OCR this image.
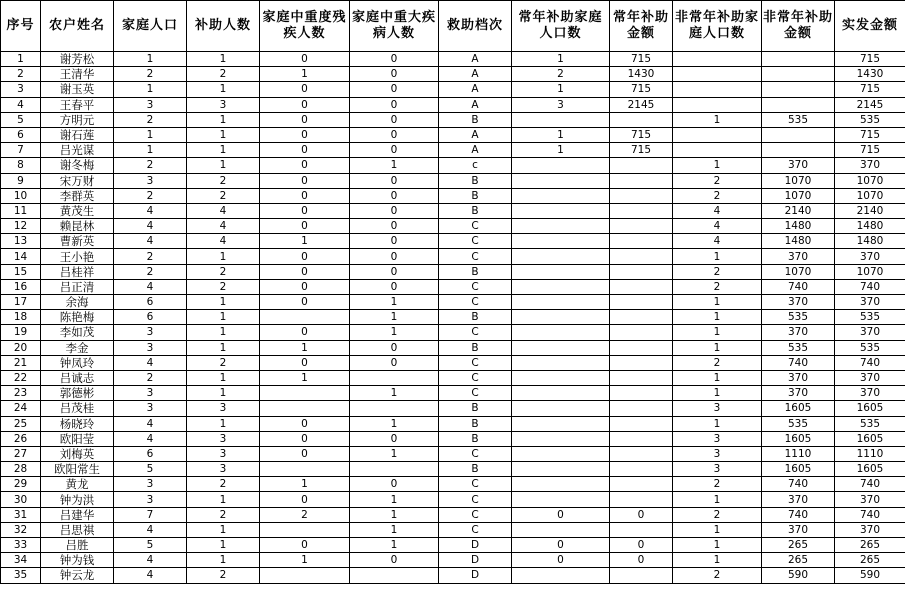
序号	农户姓名	家庭人口	补助人数	家庭中重度残疾人数	家庭中重大疾病人数	救助档次	常年补助家庭人口数	常年补助金额	非常年补助家庭人口数	非常年补助金额	实发金额
1	谢芳松	1	1	0	0	A	1	715			715
2	王清华	2	2	1	0	A	2	1430			1430
3	谢玉英	1	1	0	0	A	1	715			715
4	王春平	3	3	0	0	A	3	2145			2145
5	方明元	2	1	0	0	B			1	535	535
6	谢石莲	1	1	0	0	A	1	715			715
7	吕光谋	1	1	0	0	A	1	715			715
8	谢冬梅	2	1	0	1	c			1	370	370
9	宋万财	3	2	0	0	B			2	1070	1070
10	李群英	2	2	0	0	B			2	1070	1070
11	黄茂生	4	4	0	0	B			4	2140	2140
12	赖昆林	4	4	0	0	C			4	1480	1480
13	曹新英	4	4	1	0	C			4	1480	1480
14	王小艳	2	1	0	0	C			1	370	370
15	吕桂祥	2	2	0	0	B			2	1070	1070
16	吕正清	4	2	0	0	C			2	740	740
17	余海	6	1	0	1	C			1	370	370
18	陈艳梅	6	1		1	B			1	535	535
19	李如茂	3	1	0	1	C			1	370	370
20	李金	3	1	1	0	B			1	535	535
21	钟凤玲	4	2	0	0	C			2	740	740
22	吕诚志	2	1	1		C			1	370	370
23	郭德彬	3	1		1	C			1	370	370
24	吕茂桂	3	3			B			3	1605	1605
25	杨晓玲	4	1	0	1	B			1	535	535
26	欧阳莹	4	3	0	0	B			3	1605	1605
27	刘梅英	6	3	0	1	C			3	1110	1110
28	欧阳常生	5	3			B			3	1605	1605
29	黄龙	3	2	1	0	C			2	740	740
30	钟为洪	3	1	0	1	C			1	370	370
31	吕建华	7	2	2	1	C	0	0	2	740	740
32	吕思祺	4	1		1	C			1	370	370
33	吕胜	5	1	0	1	D	0	0	1	265	265
34	钟为钱	4	1	1	0	D	0	0	1	265	265
35	钟云龙	4	2			D			2	590	590
